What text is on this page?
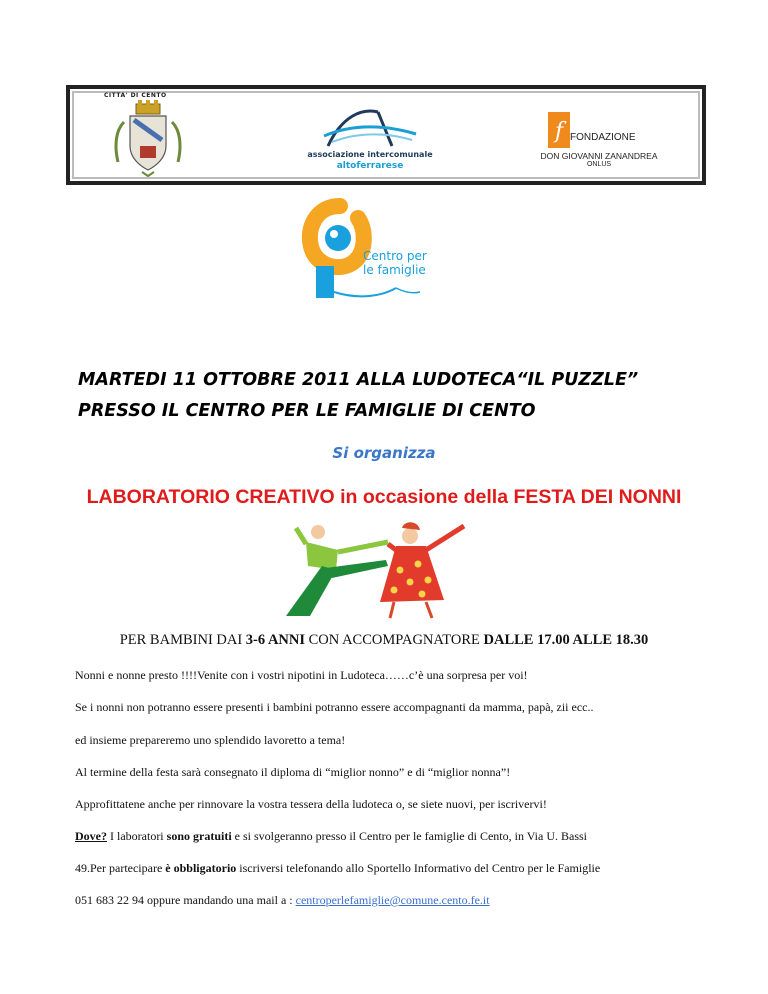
CITTA' DI CENTO
associazione intercomunale
altoferrarese
f FONDAZIONE
DON GIOVANNI ZANANDREA
ONLUS
Centro per
le famiglie
MARTEDI 11 OTTOBRE 2011 ALLA LUDOTECA“IL PUZZLE”
PRESSO IL CENTRO PER LE FAMIGLIE DI CENTO
Si organizza
LABORATORIO CREATIVO in occasione della FESTA DEI NONNI
PER BAMBINI DAI 3-6 ANNI CON ACCOMPAGNATORE DALLE 17.00 ALLE 18.30
Nonni e nonne presto !!!!Venite con i vostri nipotini in Ludoteca……c’è una sorpresa per voi!
Se i nonni non potranno essere presenti i bambini potranno essere accompagnanti da mamma, papà, zii ecc..
ed insieme prepareremo uno splendido lavoretto a tema!
Al termine della festa sarà consegnato il diploma di “miglior nonno” e di “miglior nonna”!
Approfittatene anche per rinnovare la vostra tessera della ludoteca o, se siete nuovi, per iscrivervi!
Dove? I laboratori sono gratuiti e si svolgeranno presso il Centro per le famiglie di Cento, in Via U. Bassi
49.Per partecipare è obbligatorio iscriversi telefonando allo Sportello Informativo del Centro per le Famiglie
051 683 22 94 oppure mandando una mail a : centroperlefamiglie@comune.cento.fe.it
